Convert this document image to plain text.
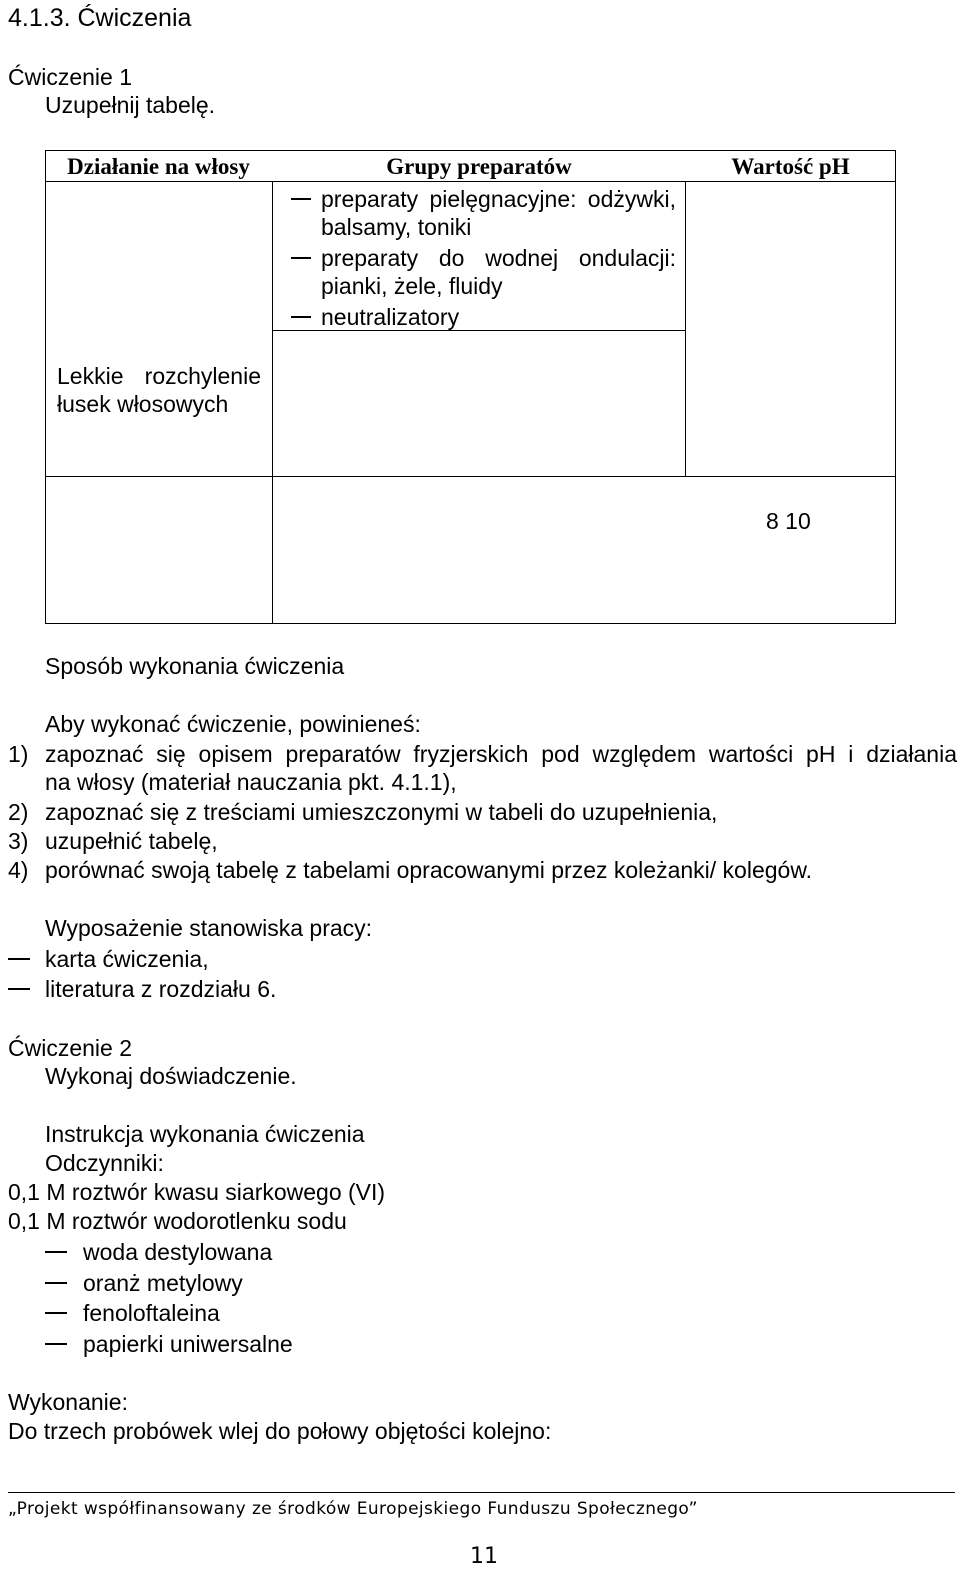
4.1.3. Ćwiczenia
Ćwiczenie 1
Uzupełnij tabelę.
Działanie na włosy	Grupy preparatów	Wartość pH
preparaty pielęgnacyjne: odżywki,
balsamy, toniki
preparaty do wodnej ondulacji:
pianki, żele, fluidy
neutralizatory
Lekkie rozchylenie
łusek włosowych
8 10
Sposób wykonania ćwiczenia
Aby wykonać ćwiczenie, powinieneś:
1) zapoznać się opisem preparatów fryzjerskich pod względem wartości pH i działania
na włosy (materiał nauczania pkt. 4.1.1),
2) zapoznać się z treściami umieszczonymi w tabeli do uzupełnienia,
3) uzupełnić tabelę,
4) porównać swoją tabelę z tabelami opracowanymi przez koleżanki/ kolegów.
Wyposażenie stanowiska pracy:
karta ćwiczenia,
literatura z rozdziału 6.
Ćwiczenie 2
Wykonaj doświadczenie.
Instrukcja wykonania ćwiczenia
Odczynniki:
0,1 M roztwór kwasu siarkowego (VI)
0,1 M roztwór wodorotlenku sodu
woda destylowana
oranż metylowy
fenoloftaleina
papierki uniwersalne
Wykonanie:
Do trzech probówek wlej do połowy objętości kolejno:
„Projekt współfinansowany ze środków Europejskiego Funduszu Społecznego”
11
